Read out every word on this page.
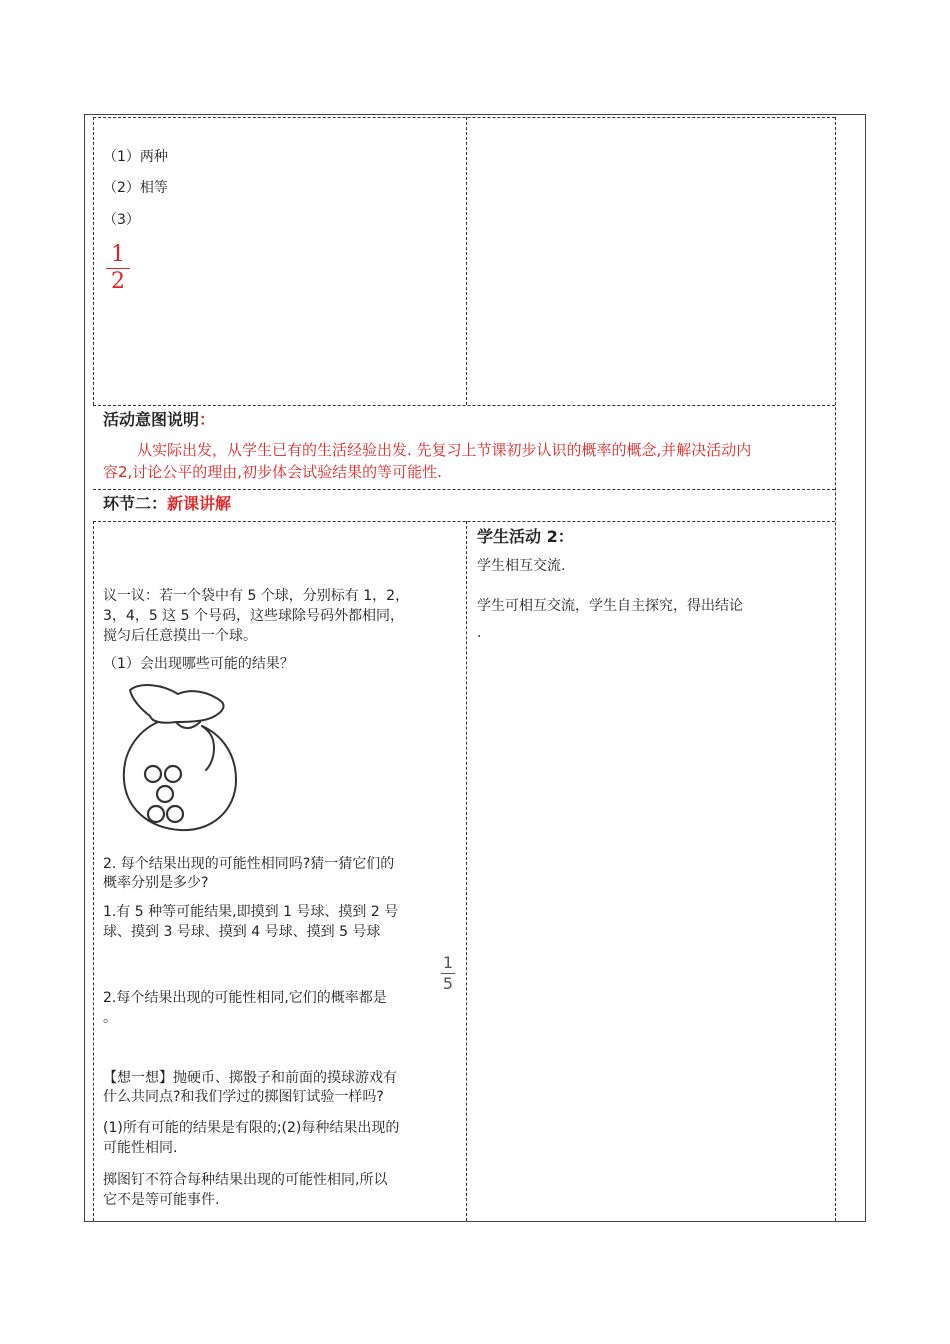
（1）两种
（2）相等
（3）
1
2
活动意图说明：
从实际出发，从学生已有的生活经验出发. 先复习上节课初步认识的概率的概念,并解决活动内
容2,讨论公平的理由,初步体会试验结果的等可能性.
环节二：新课讲解
议一议：若一个袋中有 5 个球，分别标有 1，2，
3，4，5 这 5 个号码，这些球除号码外都相同，
搅匀后任意摸出一个球。
（1）会出现哪些可能的结果？
2. 每个结果出现的可能性相同吗?猜一猜它们的
概率分别是多少?
1.有 5 种等可能结果,即摸到 1 号球、摸到 2 号
球、摸到 3 号球、摸到 4 号球、摸到 5 号球
2.每个结果出现的可能性相同,它们的概率都是
1
5
。
【想一想】抛硬币、掷骰子和前面的摸球游戏有
什么共同点?和我们学过的掷图钉试验一样吗?
(1)所有可能的结果是有限的;(2)每种结果出现的
可能性相同.
掷图钉不符合每种结果出现的可能性相同,所以
它不是等可能事件.
学生活动 2：
学生相互交流.
学生可相互交流，学生自主探究，得出结论
.
